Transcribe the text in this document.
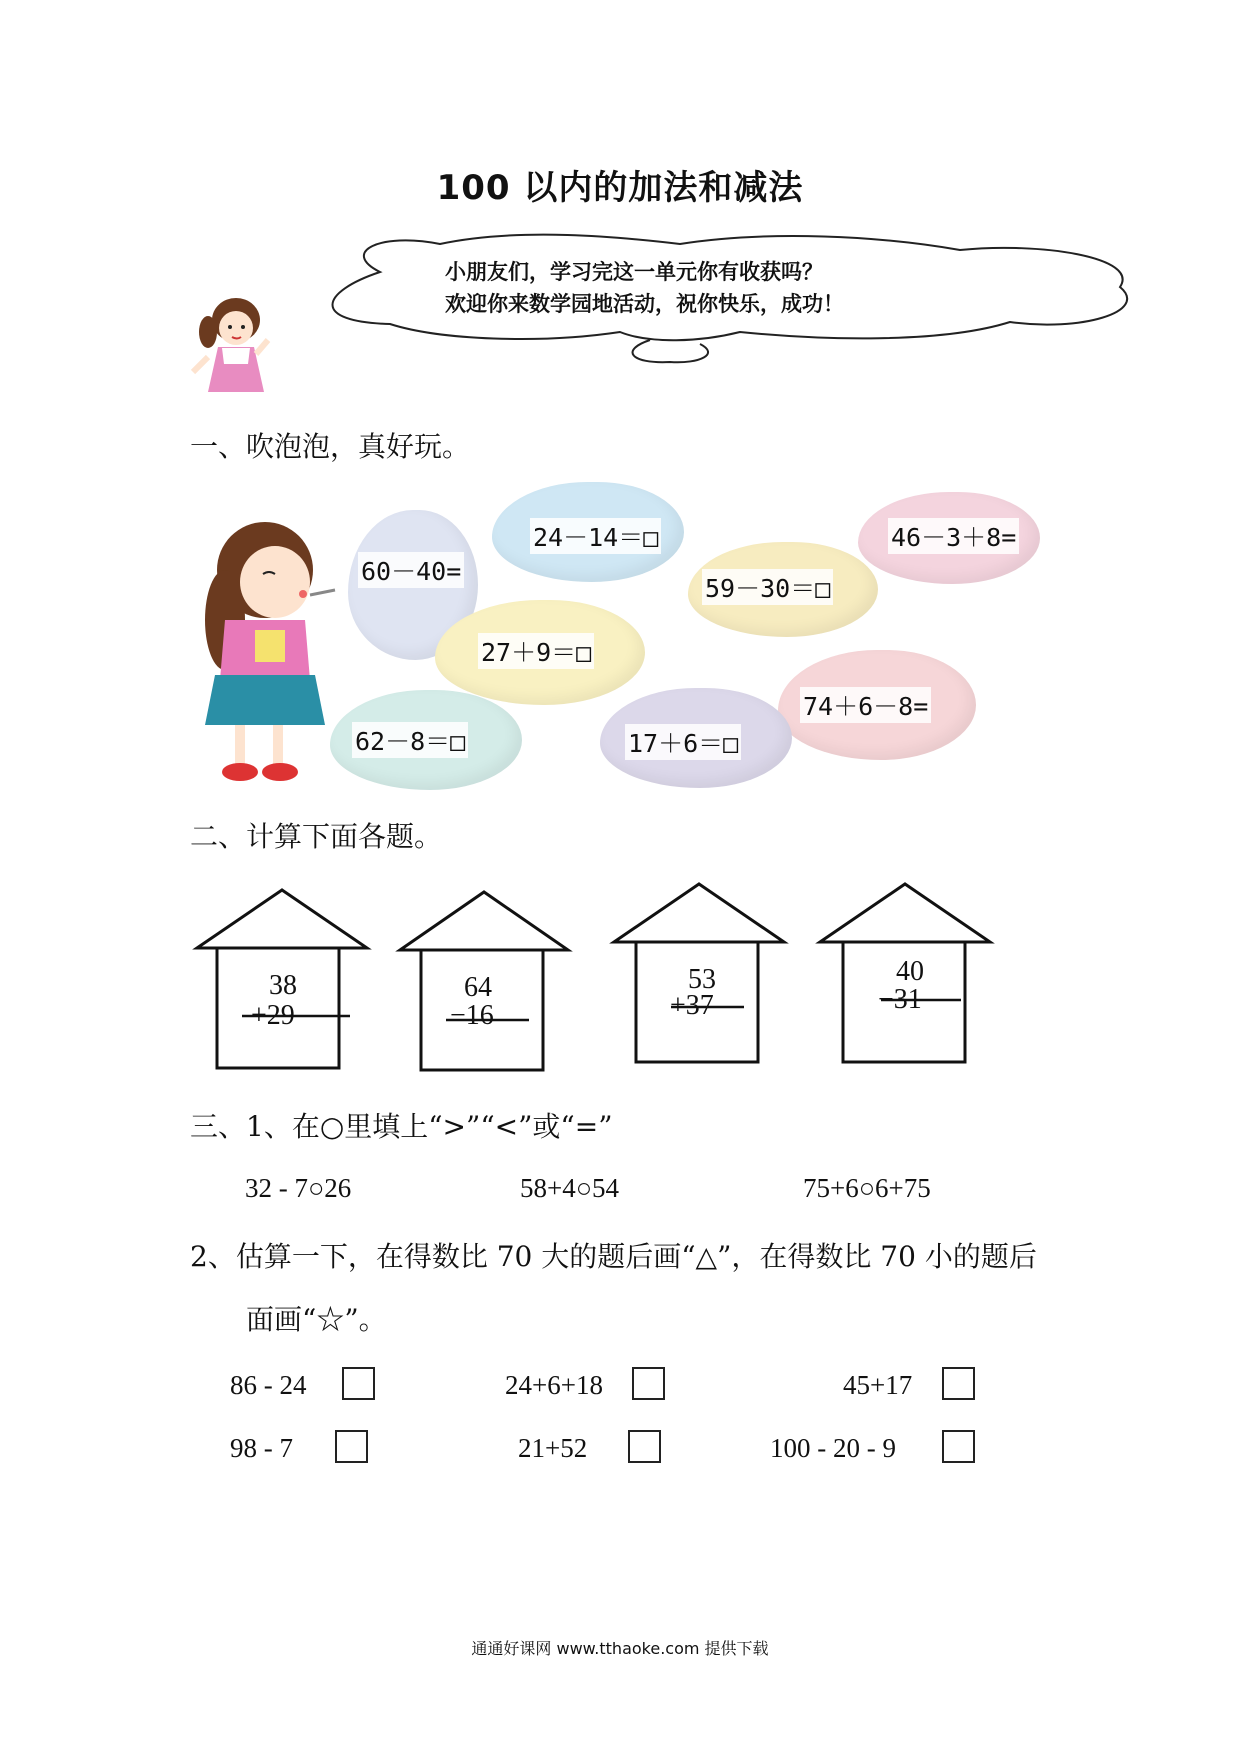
100 以内的加法和减法
小朋友们，学习完这一单元你有收获吗？
欢迎你来数学园地活动，祝你快乐，成功！
一、吹泡泡，真好玩。
60－40=
24－14＝□
59－30＝□
46－3＋8=
27＋9＝□
74＋6－8=
62－8＝□	17＋6＝□
二、计算下面各题。
38
+29
64
−16
53
+37
40
−31
三、1、在○里填上“>”“<”或“=”
32 - 7○26	58+4○54	75+6○6+75
2、估算一下，在得数比 70 大的题后画“△”，在得数比 70 小的题后
面画“☆”。
86 - 24	24+6+18	45+17
98 - 7	21+52	100 - 20 - 9
通通好课网 www.tthaoke.com 提供下载
